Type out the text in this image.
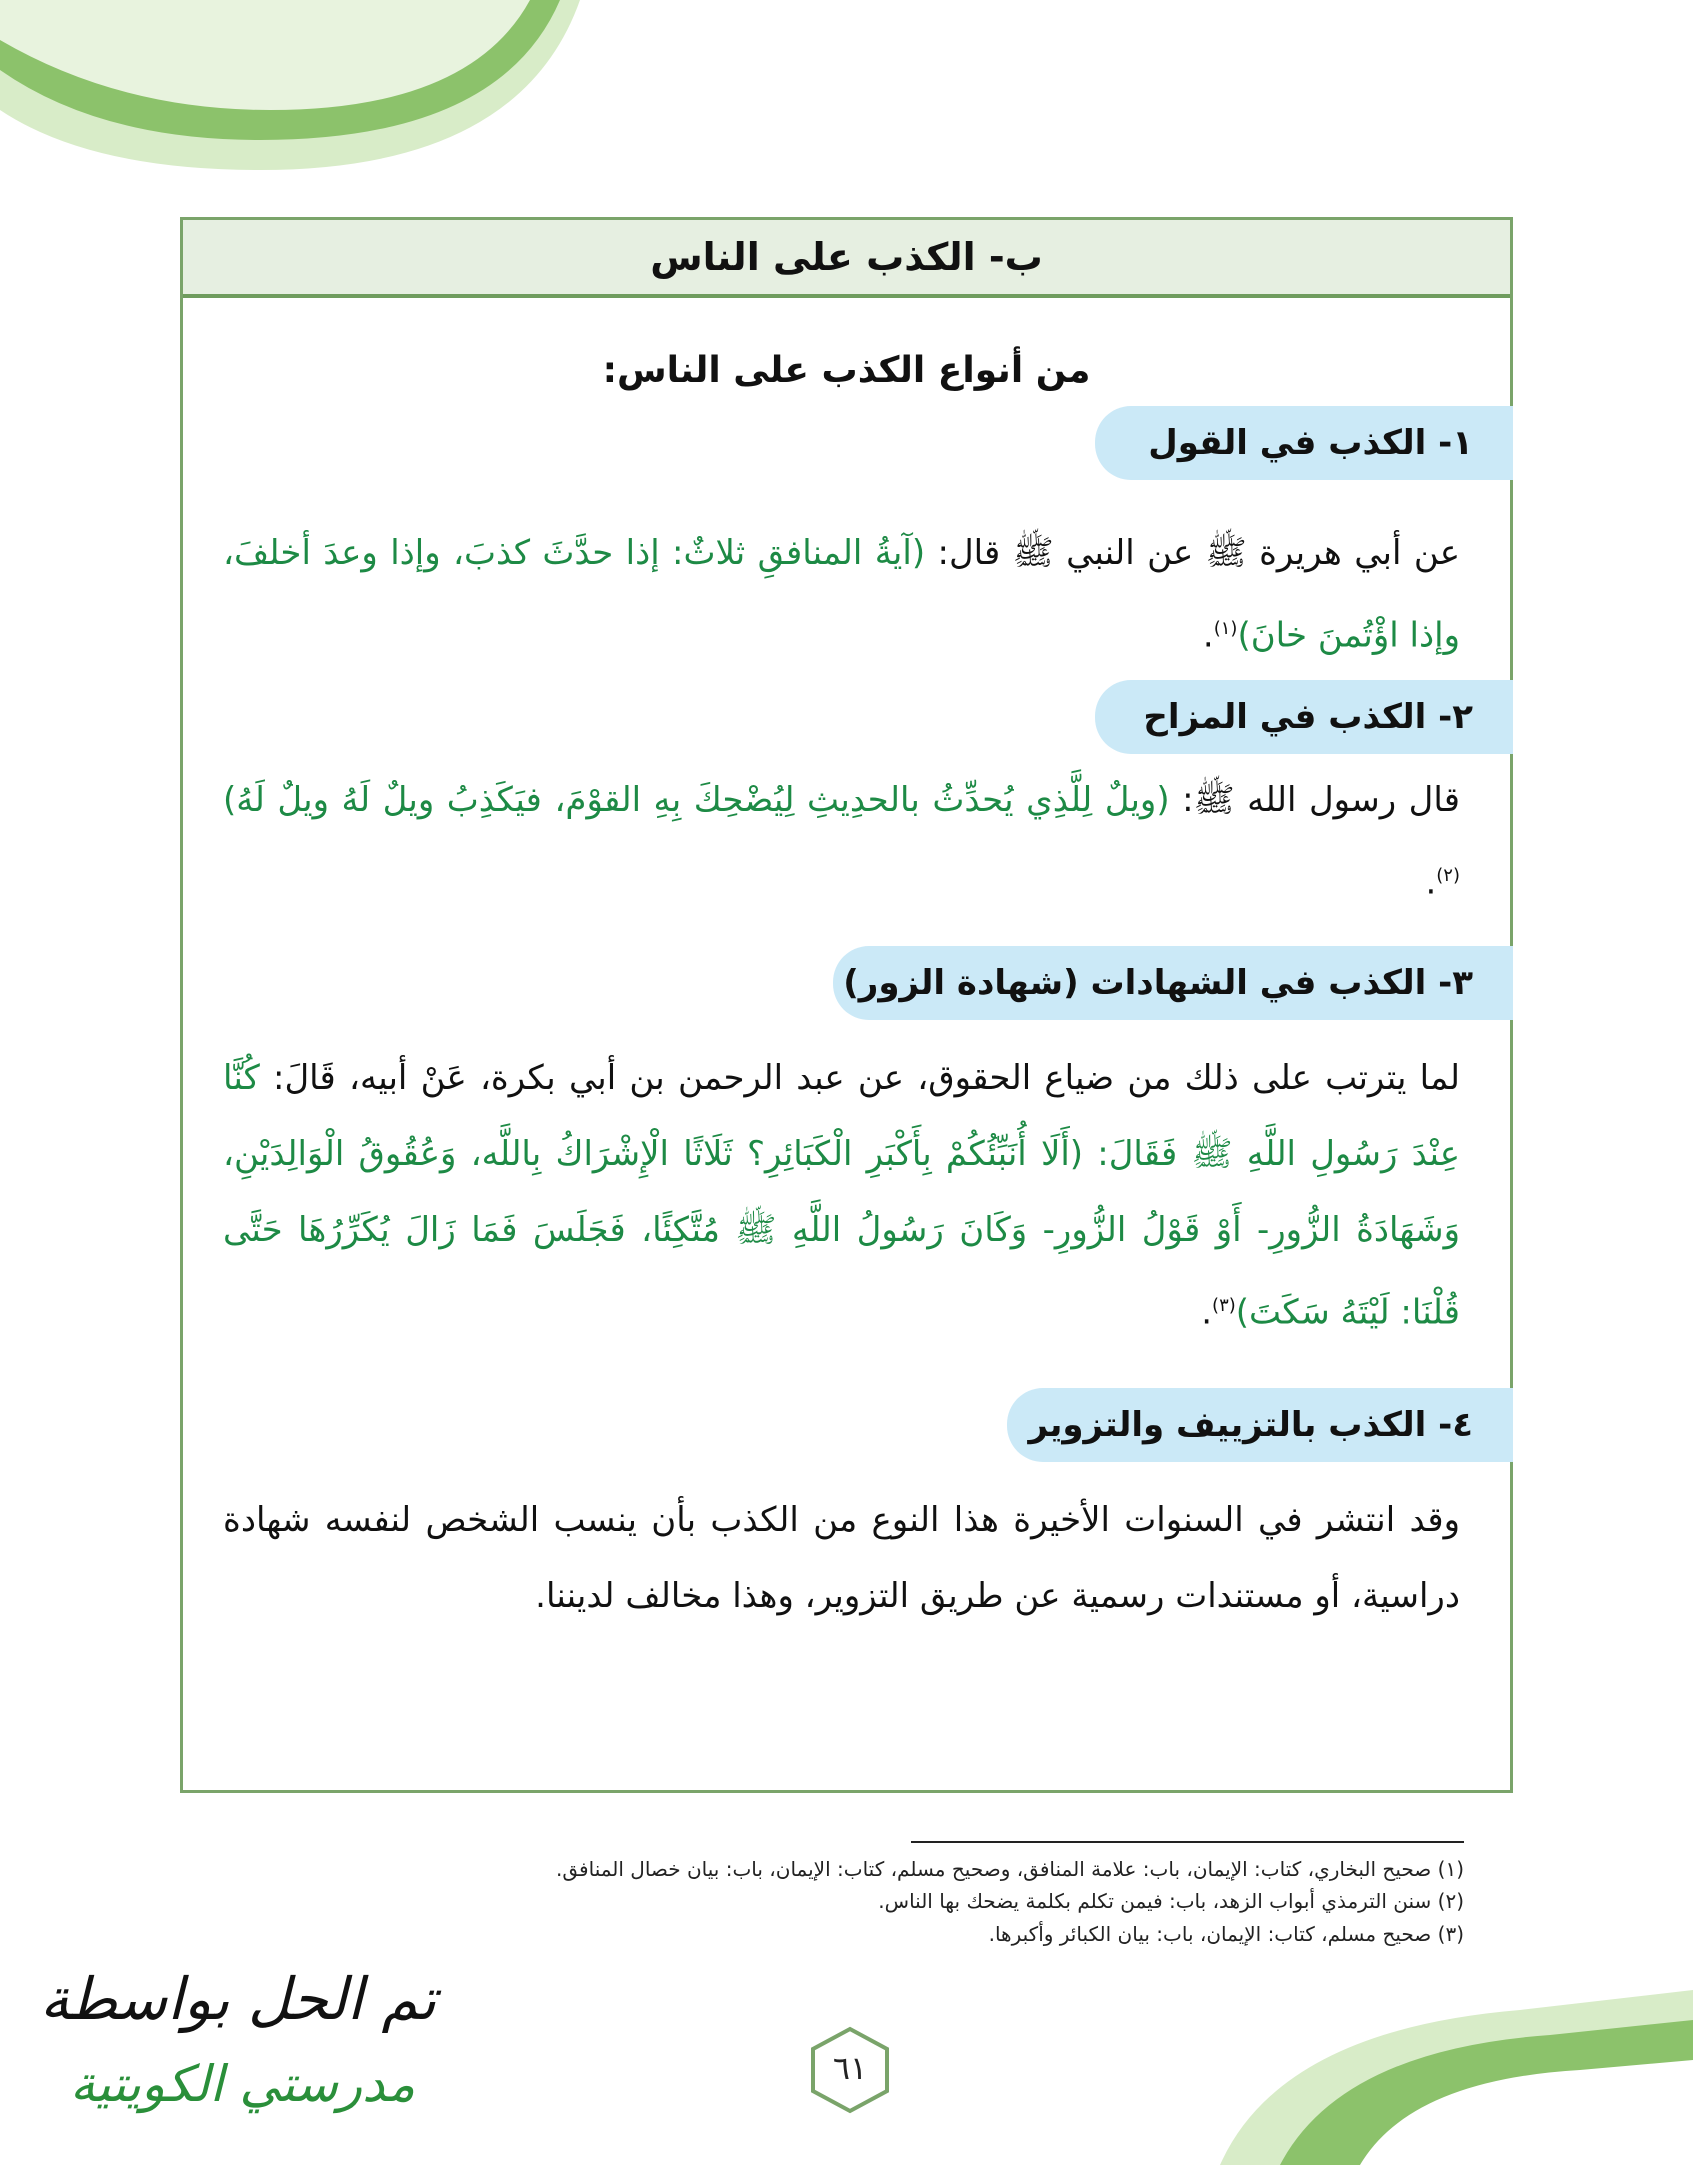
ب- الكذب على الناس
من أنواع الكذب على الناس:
١- الكذب في القول
عن أبي هريرة ﷺ عن النبي ﷺ قال: (آيةُ المنافقِ ثلاثٌ: إذا حدَّثَ كذبَ، وإذا وعدَ أخلفَ، وإذا اؤْتُمنَ خانَ)$^{(١)}$.
٢- الكذب في المزاح
قال رسول الله ﷺ: (ويلٌ لِلَّذِي يُحدِّثُ بالحدِيثِ لِيُضْحِكَ بِهِ القوْمَ، فيَكَذِبُ ويلٌ لَهُ ويلٌ لَهُ)$^{(٢)}$.
٣- الكذب في الشهادات (شهادة الزور)
لما يترتب على ذلك من ضياع الحقوق، عن عبد الرحمن بن أبي بكرة، عَنْ أبيه، قَالَ: كُنَّا عِنْدَ رَسُولِ اللَّهِ ﷺ فَقَالَ: (أَلَا أُنَبِّئُكُمْ بِأَكْبَرِ الْكَبَائِرِ؟ ثَلَاثًا الْإِشْرَاكُ بِاللَّه، وَعُقُوقُ الْوَالِدَيْنِ، وَشَهَادَةُ الزُّورِ- أَوْ قَوْلُ الزُّورِ- وَكَانَ رَسُولُ اللَّهِ ﷺ مُتَّكِئًا، فَجَلَسَ فَمَا زَالَ يُكَرِّرُهَا حَتَّى قُلْنَا: لَيْتَهُ سَكَتَ)$^{(٣)}$.
٤- الكذب بالتزييف والتزوير
وقد انتشر في السنوات الأخيرة هذا النوع من الكذب بأن ينسب الشخص لنفسه شهادة دراسية، أو مستندات رسمية عن طريق التزوير، وهذا مخالف لديننا.
(١) صحيح البخاري، كتاب: الإيمان، باب: علامة المنافق، وصحيح مسلم، كتاب: الإيمان، باب: بيان خصال المنافق.
(٢) سنن الترمذي أبواب الزهد، باب: فيمن تكلم بكلمة يضحك بها الناس.
(٣) صحيح مسلم، كتاب: الإيمان، باب: بيان الكبائر وأكبرها.
٦١
تم الحل بواسطة
مدرستي الكويتية
